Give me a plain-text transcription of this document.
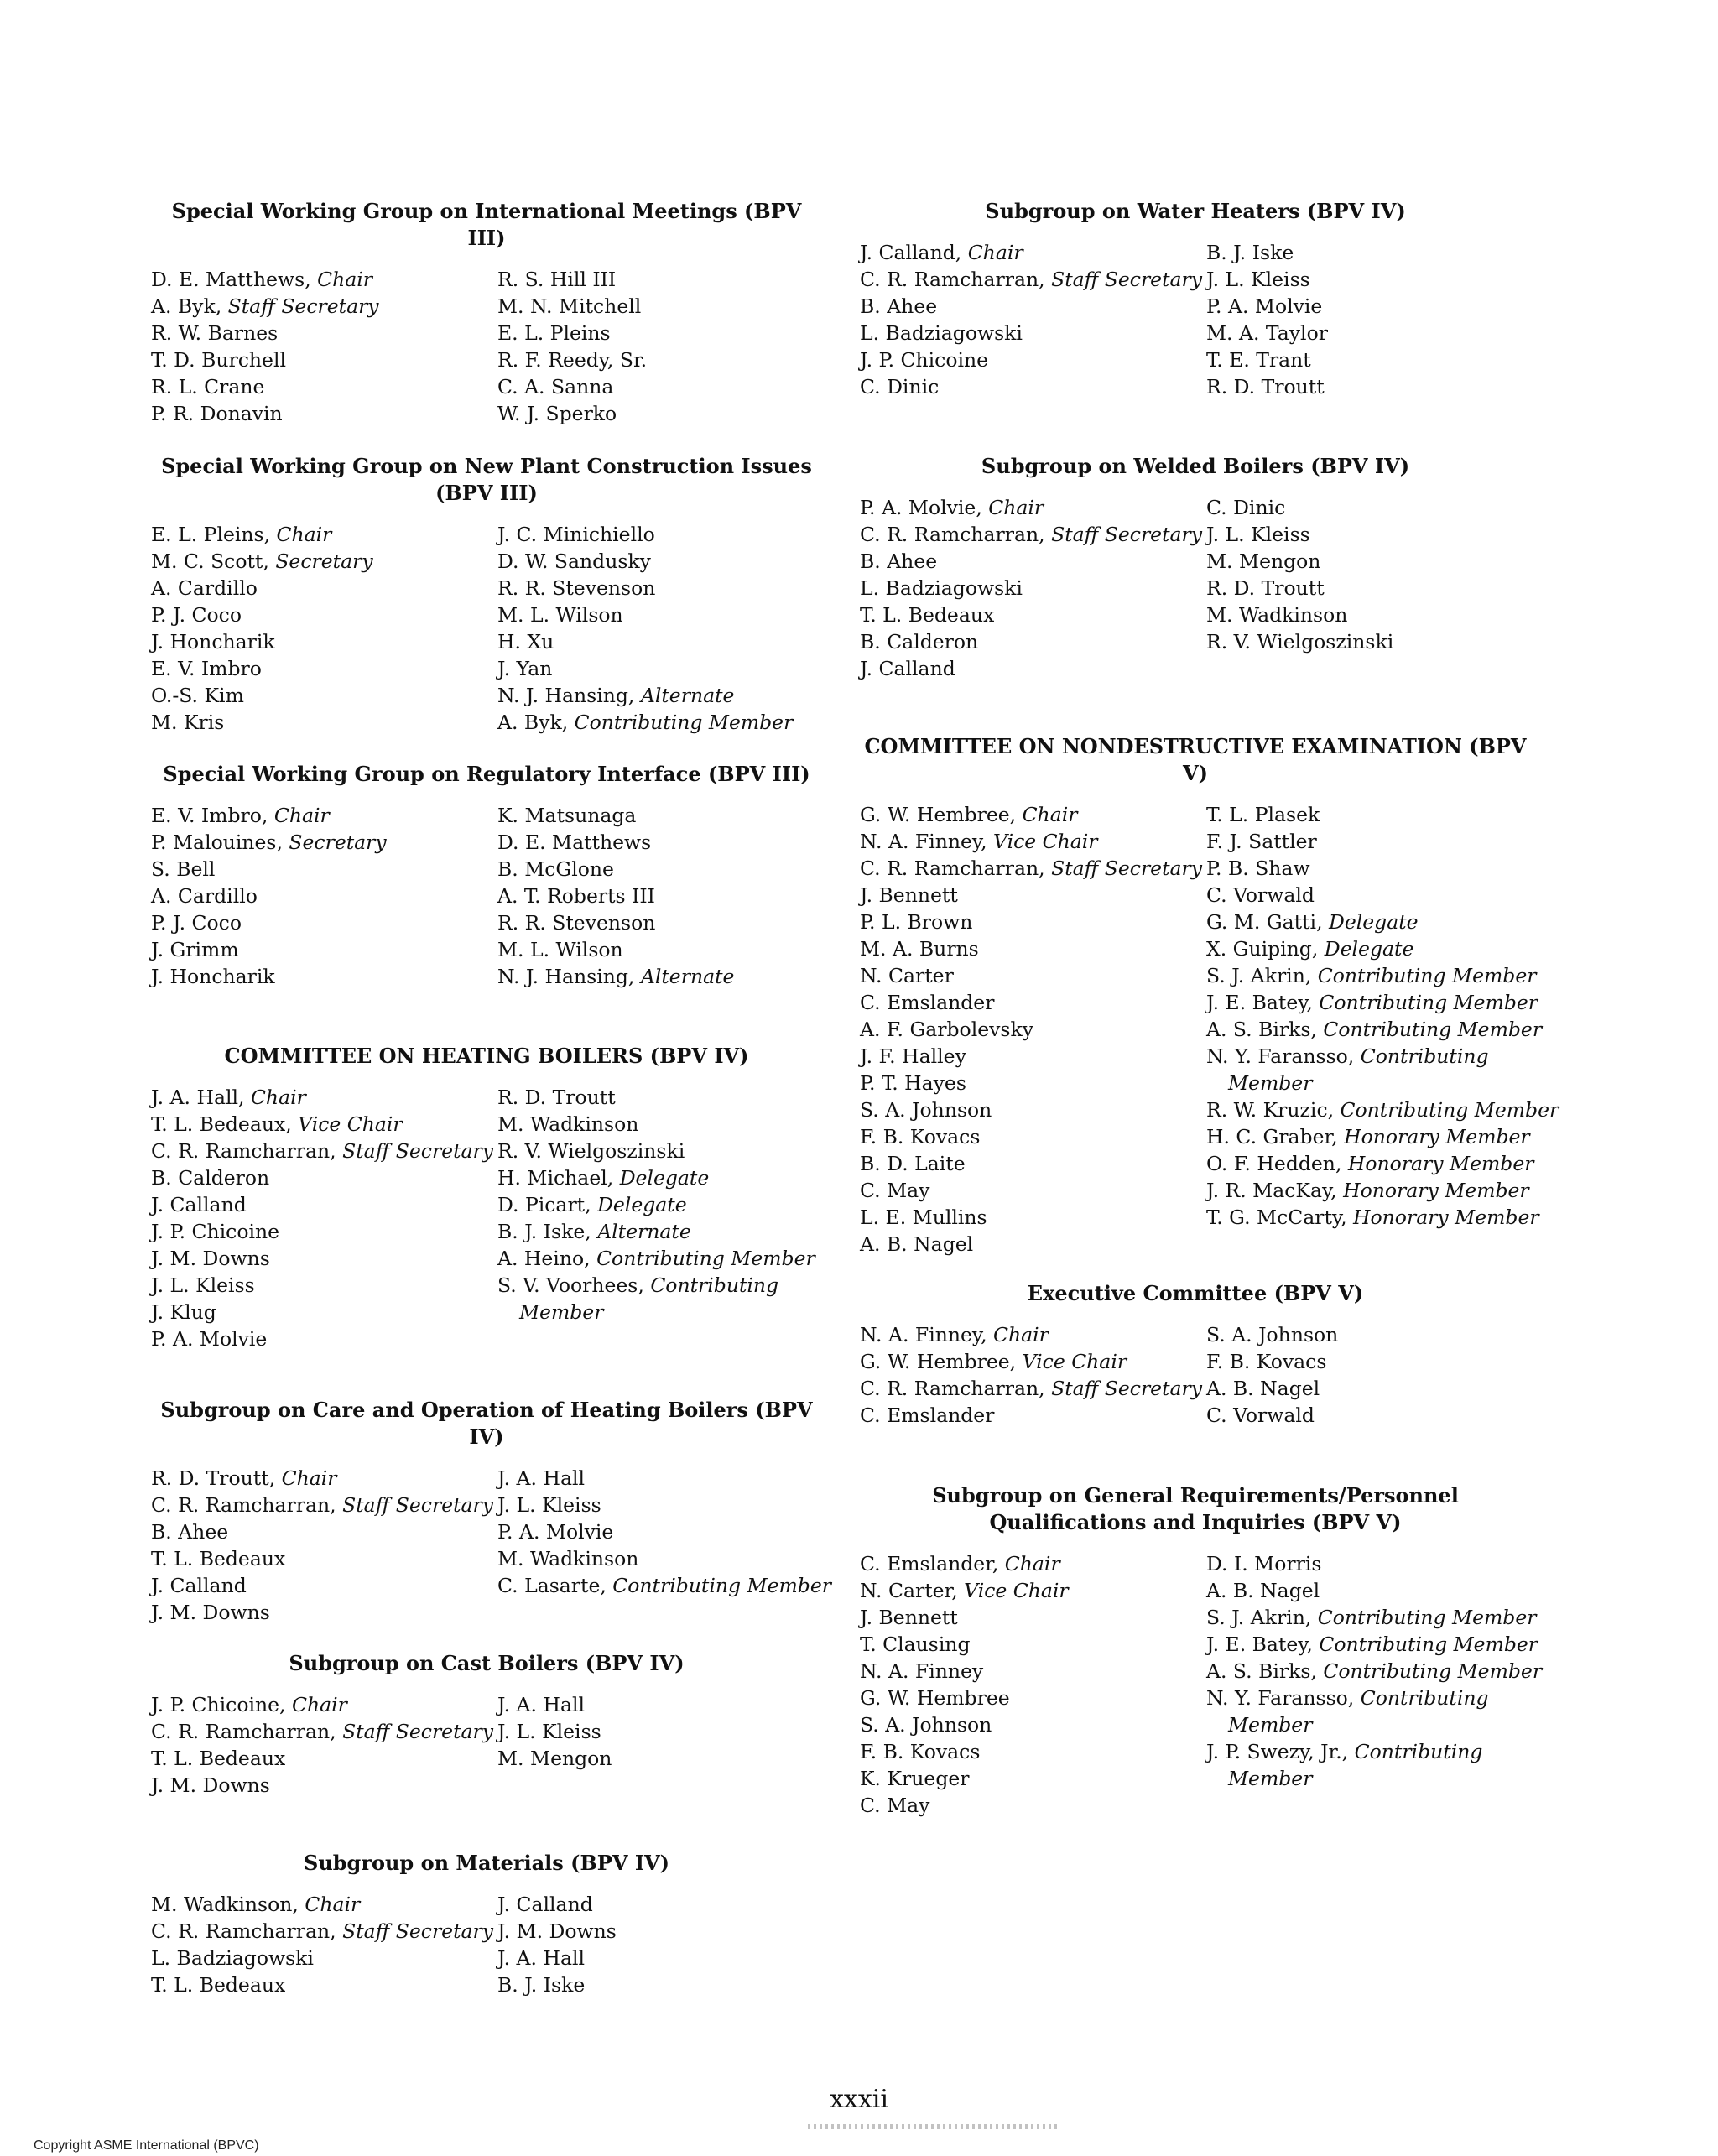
Special Working Group on International Meetings (BPV III)
D. E. Matthews, Chair
A. Byk, Staff Secretary
R. W. Barnes
T. D. Burchell
R. L. Crane
P. R. Donavin
R. S. Hill III
M. N. Mitchell
E. L. Pleins
R. F. Reedy, Sr.
C. A. Sanna
W. J. Sperko
Special Working Group on New Plant Construction Issues (BPV III)
E. L. Pleins, Chair
M. C. Scott, Secretary
A. Cardillo
P. J. Coco
J. Honcharik
E. V. Imbro
O.-S. Kim
M. Kris
J. C. Minichiello
D. W. Sandusky
R. R. Stevenson
M. L. Wilson
H. Xu
J. Yan
N. J. Hansing, Alternate
A. Byk, Contributing Member
Special Working Group on Regulatory Interface (BPV III)
E. V. Imbro, Chair
P. Malouines, Secretary
S. Bell
A. Cardillo
P. J. Coco
J. Grimm
J. Honcharik
K. Matsunaga
D. E. Matthews
B. McGlone
A. T. Roberts III
R. R. Stevenson
M. L. Wilson
N. J. Hansing, Alternate
COMMITTEE ON HEATING BOILERS (BPV IV)
J. A. Hall, Chair
T. L. Bedeaux, Vice Chair
C. R. Ramcharran, Staff Secretary
B. Calderon
J. Calland
J. P. Chicoine
J. M. Downs
J. L. Kleiss
J. Klug
P. A. Molvie
R. D. Troutt
M. Wadkinson
R. V. Wielgoszinski
H. Michael, Delegate
D. Picart, Delegate
B. J. Iske, Alternate
A. Heino, Contributing Member
S. V. Voorhees, Contributing Member
Subgroup on Care and Operation of Heating Boilers (BPV IV)
R. D. Troutt, Chair
C. R. Ramcharran, Staff Secretary
B. Ahee
T. L. Bedeaux
J. Calland
J. M. Downs
J. A. Hall
J. L. Kleiss
P. A. Molvie
M. Wadkinson
C. Lasarte, Contributing Member
Subgroup on Cast Boilers (BPV IV)
J. P. Chicoine, Chair
C. R. Ramcharran, Staff Secretary
T. L. Bedeaux
J. M. Downs
J. A. Hall
J. L. Kleiss
M. Mengon
Subgroup on Materials (BPV IV)
M. Wadkinson, Chair
C. R. Ramcharran, Staff Secretary
L. Badziagowski
T. L. Bedeaux
J. Calland
J. M. Downs
J. A. Hall
B. J. Iske
Subgroup on Water Heaters (BPV IV)
J. Calland, Chair
C. R. Ramcharran, Staff Secretary
B. Ahee
L. Badziagowski
J. P. Chicoine
C. Dinic
B. J. Iske
J. L. Kleiss
P. A. Molvie
M. A. Taylor
T. E. Trant
R. D. Troutt
Subgroup on Welded Boilers (BPV IV)
P. A. Molvie, Chair
C. R. Ramcharran, Staff Secretary
B. Ahee
L. Badziagowski
T. L. Bedeaux
B. Calderon
J. Calland
C. Dinic
J. L. Kleiss
M. Mengon
R. D. Troutt
M. Wadkinson
R. V. Wielgoszinski
COMMITTEE ON NONDESTRUCTIVE EXAMINATION (BPV V)
G. W. Hembree, Chair
N. A. Finney, Vice Chair
C. R. Ramcharran, Staff Secretary
J. Bennett
P. L. Brown
M. A. Burns
N. Carter
C. Emslander
A. F. Garbolevsky
J. F. Halley
P. T. Hayes
S. A. Johnson
F. B. Kovacs
B. D. Laite
C. May
L. E. Mullins
A. B. Nagel
T. L. Plasek
F. J. Sattler
P. B. Shaw
C. Vorwald
G. M. Gatti, Delegate
X. Guiping, Delegate
S. J. Akrin, Contributing Member
J. E. Batey, Contributing Member
A. S. Birks, Contributing Member
N. Y. Faransso, Contributing Member
R. W. Kruzic, Contributing Member
H. C. Graber, Honorary Member
O. F. Hedden, Honorary Member
J. R. MacKay, Honorary Member
T. G. McCarty, Honorary Member
Executive Committee (BPV V)
N. A. Finney, Chair
G. W. Hembree, Vice Chair
C. R. Ramcharran, Staff Secretary
C. Emslander
S. A. Johnson
F. B. Kovacs
A. B. Nagel
C. Vorwald
Subgroup on General Requirements/Personnel Qualifications and Inquiries (BPV V)
C. Emslander, Chair
N. Carter, Vice Chair
J. Bennett
T. Clausing
N. A. Finney
G. W. Hembree
S. A. Johnson
F. B. Kovacs
K. Krueger
C. May
D. I. Morris
A. B. Nagel
S. J. Akrin, Contributing Member
J. E. Batey, Contributing Member
A. S. Birks, Contributing Member
N. Y. Faransso, Contributing Member
J. P. Swezy, Jr., Contributing Member
xxxii
Copyright ASME International (BPVC)
